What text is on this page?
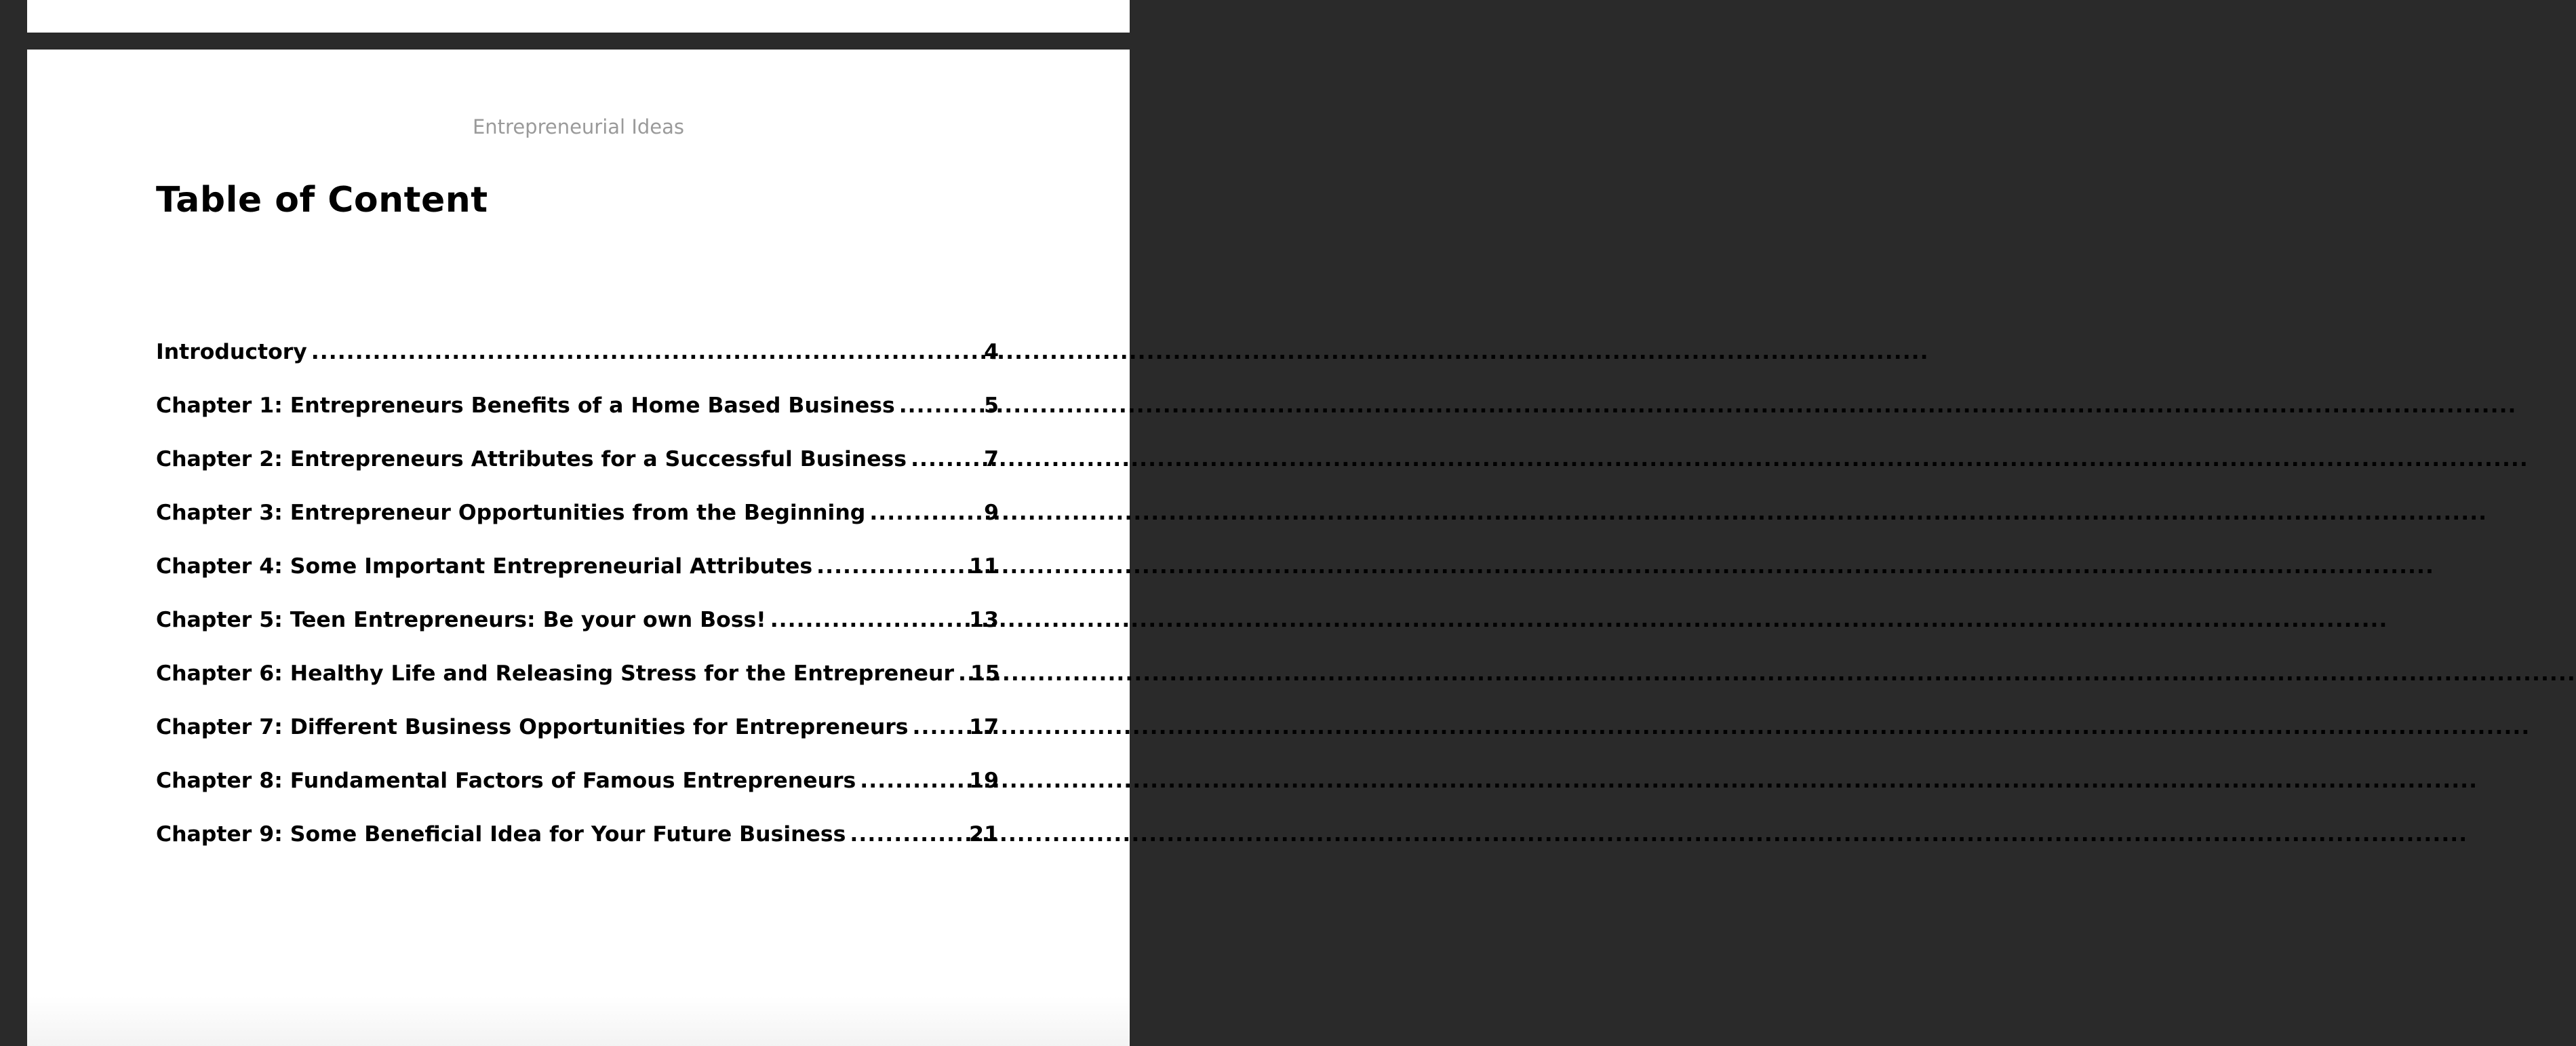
Entrepreneurial Ideas
Table of Content
Introductory .....	4
Chapter 1: Entrepreneurs Benefits of a Home Based Business .....	5
Chapter 2: Entrepreneurs Attributes for a Successful Business .....	7
Chapter 3: Entrepreneur Opportunities from the Beginning .....	9
Chapter 4: Some Important Entrepreneurial Attributes .....	11
Chapter 5: Teen Entrepreneurs: Be your own Boss! .....	13
Chapter 6: Healthy Life and Releasing Stress for the Entrepreneur ..... 15
Chapter 7: Different Business Opportunities for Entrepreneurs .....	17
Chapter 8: Fundamental Factors of Famous Entrepreneurs .....	19
Chapter 9: Some Beneficial Idea for Your Future Business .....	21
